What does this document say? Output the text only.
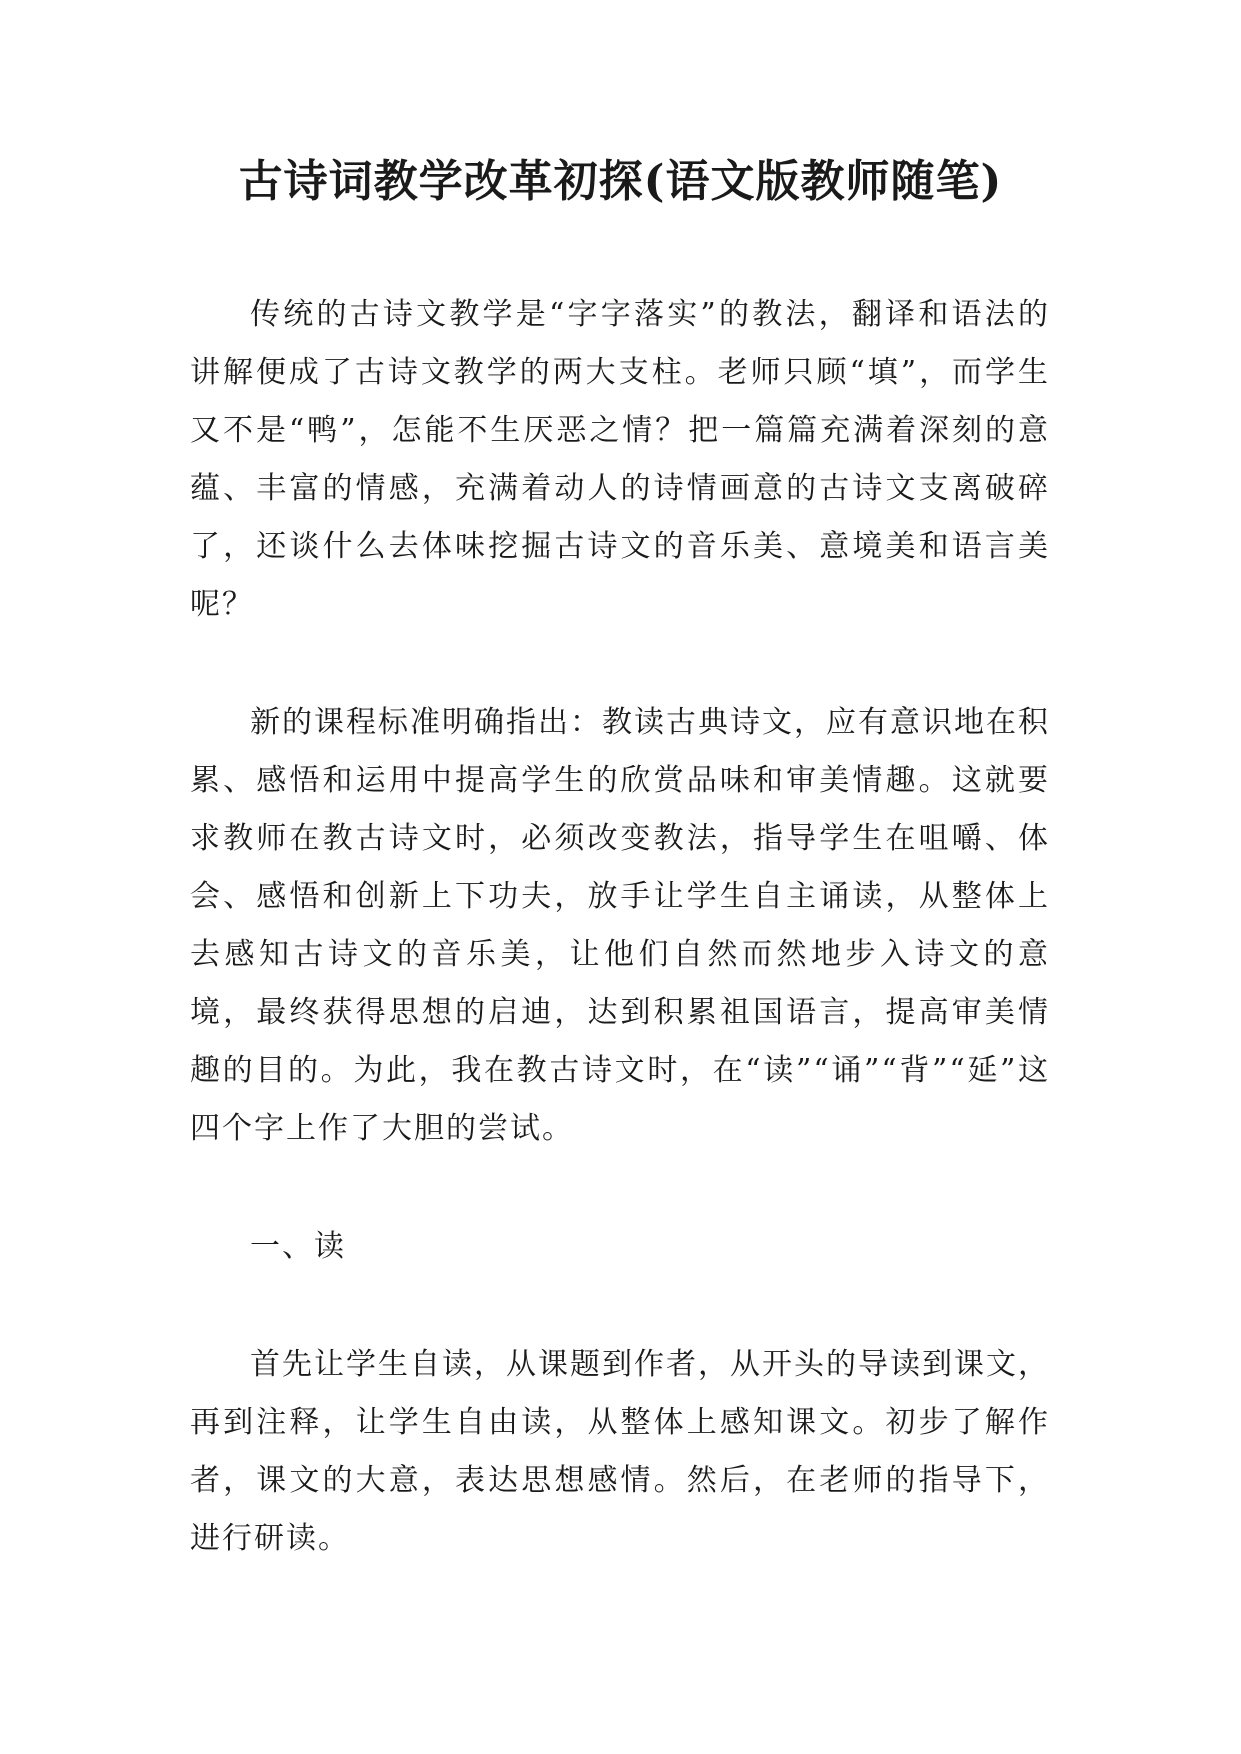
古诗词教学改革初探(语文版教师随笔)

传统的古诗文教学是“字字落实”的教法，翻译和语法的讲解便成了古诗文教学的两大支柱。老师只顾“填”，而学生又不是“鸭”，怎能不生厌恶之情？把一篇篇充满着深刻的意蕴、丰富的情感，充满着动人的诗情画意的古诗文支离破碎了，还谈什么去体味挖掘古诗文的音乐美、意境美和语言美呢？

新的课程标准明确指出：教读古典诗文，应有意识地在积累、感悟和运用中提高学生的欣赏品味和审美情趣。这就要求教师在教古诗文时，必须改变教法，指导学生在咀嚼、体会、感悟和创新上下功夫，放手让学生自主诵读，从整体上去感知古诗文的音乐美，让他们自然而然地步入诗文的意境，最终获得思想的启迪，达到积累祖国语言，提高审美情趣的目的。为此，我在教古诗文时，在“读”“诵”“背”“延”这四个字上作了大胆的尝试。

一、读

首先让学生自读，从课题到作者，从开头的导读到课文，再到注释，让学生自由读，从整体上感知课文。初步了解作者，课文的大意，表达思想感情。然后，在老师的指导下，进行研读。
